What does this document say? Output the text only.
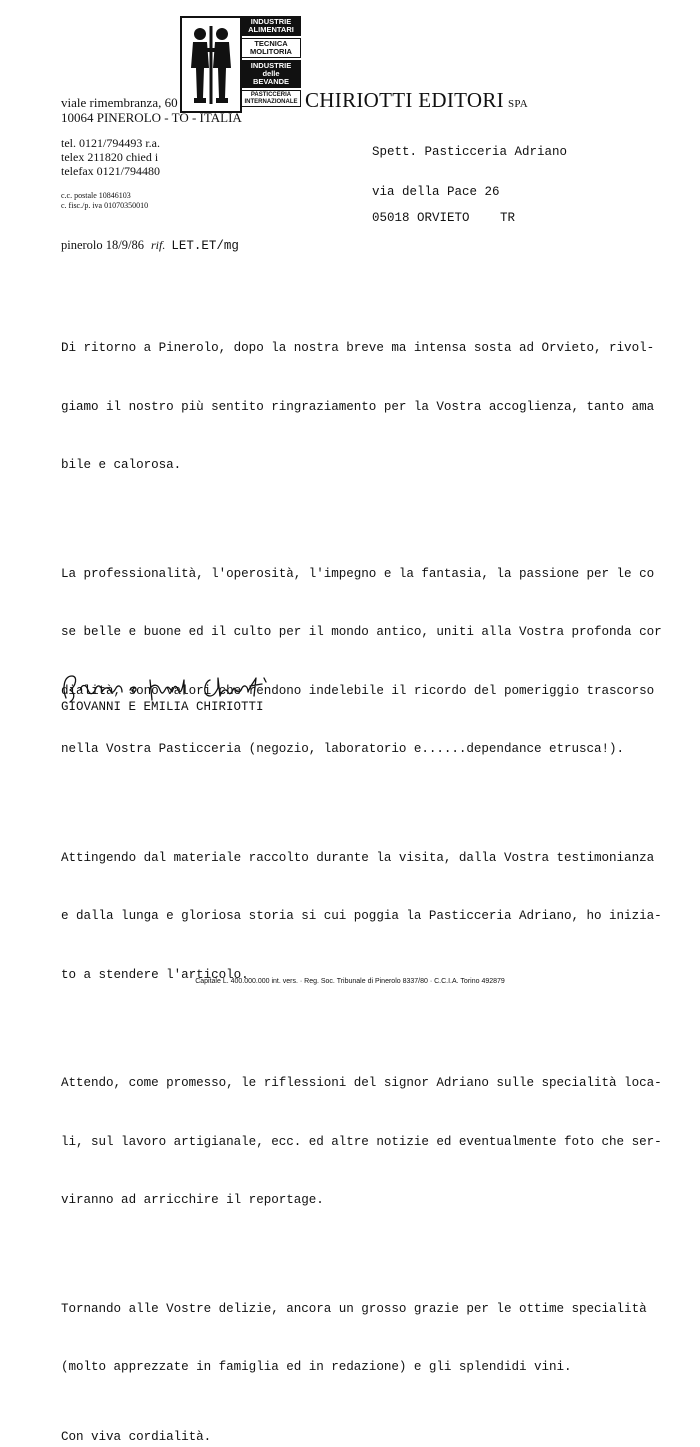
INDUSTRIE ALIMENTARI
TECNICA MOLITORIA
INDUSTRIE delle BEVANDE
PASTICCERIA INTERNAZIONALE CHIRIOTTI EDITORI SPA
viale rimembranza, 60
10064 PINEROLO - TO - ITALIA
tel. 0121/794493 r.a.
telex 211820 chied i
telefax 0121/794480
c.c. postale 10846103
c. fisc./p. iva 01070350010
Spett. Pasticceria Adriano
via della Pace 26
05018 ORVIETO TR
pinerolo 18/9/86 rif. LET.ET/mg

Di ritorno a Pinerolo, dopo la nostra breve ma intensa sosta ad Orvieto, rivol-

giamo il nostro più sentito ringraziamento per la Vostra accoglienza, tanto ama

bile e calorosa.

La professionalità, l'operosità, l'impegno e la fantasia, la passione per le co

se belle e buone ed il culto per il mondo antico, uniti alla Vostra profonda cor

dialità, sono valori che rendono indelebile il ricordo del pomeriggio trascorso

nella Vostra Pasticceria (negozio, laboratorio e......dependance etrusca!).

Attingendo dal materiale raccolto durante la visita, dalla Vostra testimonianza

e dalla lunga e gloriosa storia si cui poggia la Pasticceria Adriano, ho inizia-

to a stendere l'articolo.

Attendo, come promesso, le riflessioni del signor Adriano sulle specialità loca-

li, sul lavoro artigianale, ecc. ed altre notizie ed eventualmente foto che ser-

viranno ad arricchire il reportage.

Tornando alle Vostre delizie, ancora un grosso grazie per le ottime specialità

(molto apprezzate in famiglia ed in redazione) e gli splendidi vini.

Con viva cordialità.
GIOVANNI E EMILIA CHIRIOTTI
Capitale L. 400.000.000 int. vers. · Reg. Soc. Tribunale di Pinerolo 8337/80 · C.C.I.A. Torino 492879
